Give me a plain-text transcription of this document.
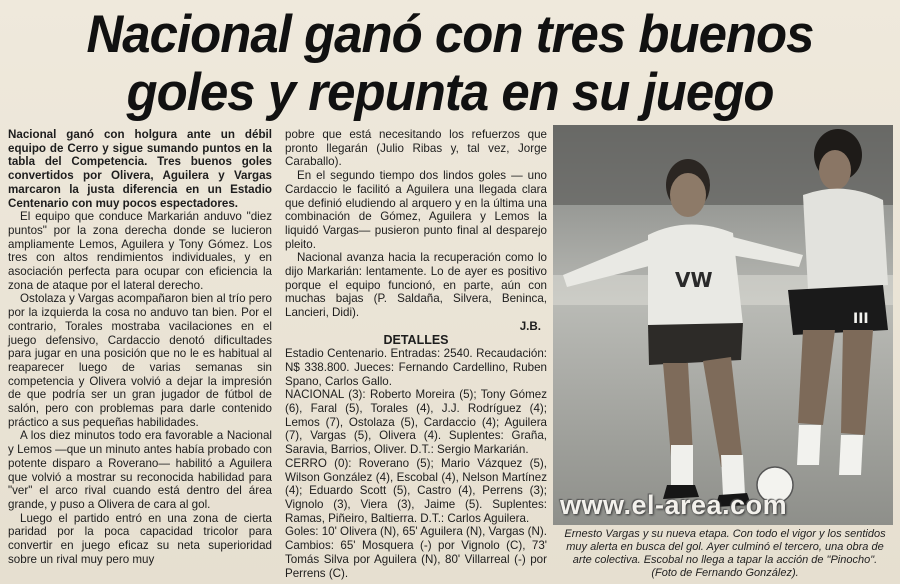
Nacional ganó con tres buenos
goles y repunta en su juego

Nacional ganó con holgura ante un débil equipo de Cerro y sigue sumando puntos en la tabla del Competencia. Tres buenos goles convertidos por Olivera, Aguilera y Vargas marcaron la justa diferencia en un Estadio Centenario con muy pocos espectadores.

El equipo que conduce Markarián anduvo "diez puntos" por la zona derecha donde se lucieron ampliamente Lemos, Aguilera y Tony Gómez. Los tres con altos rendimientos individuales, y en asociación perfecta para ocupar con eficiencia la zona de ataque por el lateral derecho.

Ostolaza y Vargas acompañaron bien al trío pero por la izquierda la cosa no anduvo tan bien. Por el contrario, Torales mostraba vacilaciones en el juego defensivo, Cardaccio denotó dificultades para jugar en una posición que no le es habitual al reaparecer luego de varias semanas sin competencia y Olivera volvió a dejar la impresión de que podría ser un gran jugador de fútbol de salón, pero con problemas para darle contenido práctico a sus pequeñas habilidades.

A los diez minutos todo era favorable a Nacional y Lemos —que un minuto antes había probado con potente disparo a Roverano— habilitó a Aguilera que volvió a mostrar su reconocida habilidad para "ver" el arco rival cuando está dentro del área grande, y puso a Olivera de cara al gol.

Luego el partido entró en una zona de cierta paridad por la poca capacidad tricolor para convertir en juego eficaz su neta superioridad sobre un rival muy pero muy

pobre que está necesitando los refuerzos que pronto llegarán (Julio Ribas y, tal vez, Jorge Caraballo).

En el segundo tiempo dos lindos goles — uno Cardaccio le facilitó a Aguilera una llegada clara que definió eludiendo al arquero y en la última una combinación de Gómez, Aguilera y Lemos la liquidó Vargas— pusieron punto final al desparejo pleito.

Nacional avanza hacia la recuperación como lo dijo Markarián: lentamente. Lo de ayer es positivo porque el equipo funcionó, en parte, aún con muchas bajas (P. Saldaña, Silvera, Beninca, Lancieri, Didi).

J.B.

DETALLES

Estadio Centenario. Entradas: 2540. Recaudación: N$ 338.800. Jueces: Fernando Cardellino, Ruben Spano, Carlos Gallo.

NACIONAL (3): Roberto Moreira (5); Tony Gómez (6), Faral (5), Torales (4), J.J. Rodríguez (4); Lemos (7), Ostolaza (5), Cardaccio (4); Aguilera (7), Vargas (5), Olivera (4). Suplentes: Graña, Saravia, Barrios, Oliver. D.T.: Sergio Markarián.

CERRO (0): Roverano (5); Mario Vázquez (5), Wilson González (4), Escobal (4), Nelson Martínez (4); Eduardo Scott (5), Castro (4), Perrens (3); Vignolo (3), Viera (3), Jaime (5). Suplentes: Ramas, Piñeiro, Baltierra. D.T.: Carlos Aguilera.

Goles: 10' Olivera (N), 65' Aguilera (N), Vargas (N).

Cambios: 65' Mosquera (-) por Vignolo (C), 73' Tomás Silva por Aguilera (N), 80' Villarreal (-) por Perrens (C).

VW
III
www.el-area.com
Ernesto Vargas y su nueva etapa. Con todo el vigor y los sentidos muy alerta en busca del gol. Ayer culminó el tercero, una obra de arte colectiva. Escobal no llega a tapar la acción de "Pinocho". (Foto de Fernando González).
